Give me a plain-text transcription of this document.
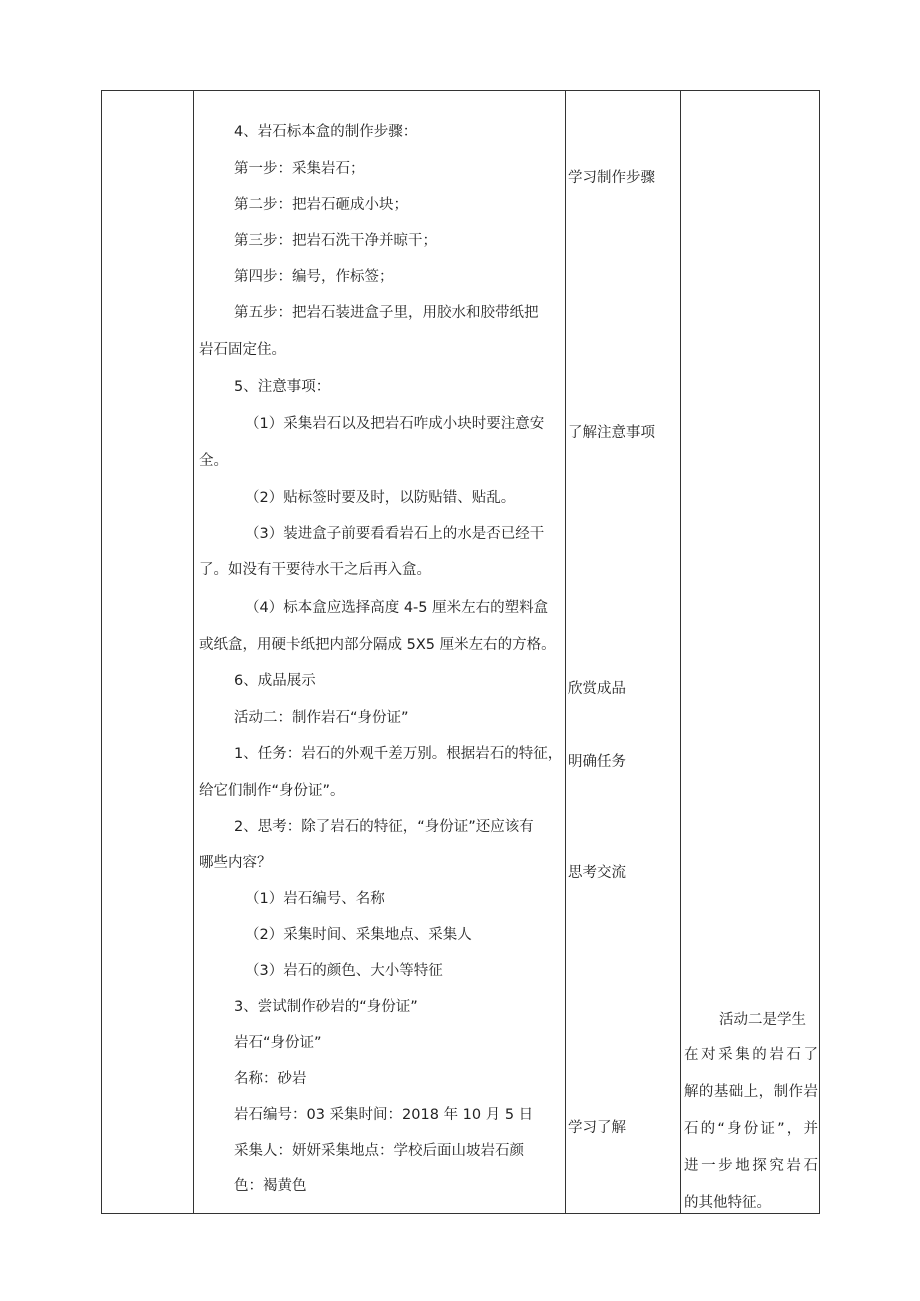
4、岩石标本盒的制作步骤：
第一步：采集岩石；
第二步：把岩石砸成小块；
第三步：把岩石洗干净并晾干；
第四步：编号，作标签；
第五步：把岩石装进盒子里，用胶水和胶带纸把
岩石固定住。
5、注意事项：
（1）采集岩石以及把岩石咋成小块时要注意安
全。
（2）贴标签时要及时，以防贴错、贴乱。
（3）装进盒子前要看看岩石上的水是否已经干
了。如没有干要待水干之后再入盒。
（4）标本盒应选择高度 4-5 厘米左右的塑料盒
或纸盒，用硬卡纸把内部分隔成 5X5 厘米左右的方格。
6、成品展示
活动二：制作岩石“身份证”
1、任务：岩石的外观千差万别。根据岩石的特征，
给它们制作“身份证”。
2、思考：除了岩石的特征，“身份证”还应该有
哪些内容？
（1）岩石编号、名称
（2）采集时间、采集地点、采集人
（3）岩石的颜色、大小等特征
3、尝试制作砂岩的“身份证”
岩石“身份证”
名称：砂岩
岩石编号：03 采集时间：2018 年 10 月 5 日
采集人：妍妍采集地点：学校后面山坡岩石颜
色：褐黄色
学习制作步骤
了解注意事项
欣赏成品
明确任务
思考交流
学习了解
活动二是学生
在对采集的岩石了
解的基础上，制作岩
石的“身份证”，并
进一步地探究岩石
的其他特征。
